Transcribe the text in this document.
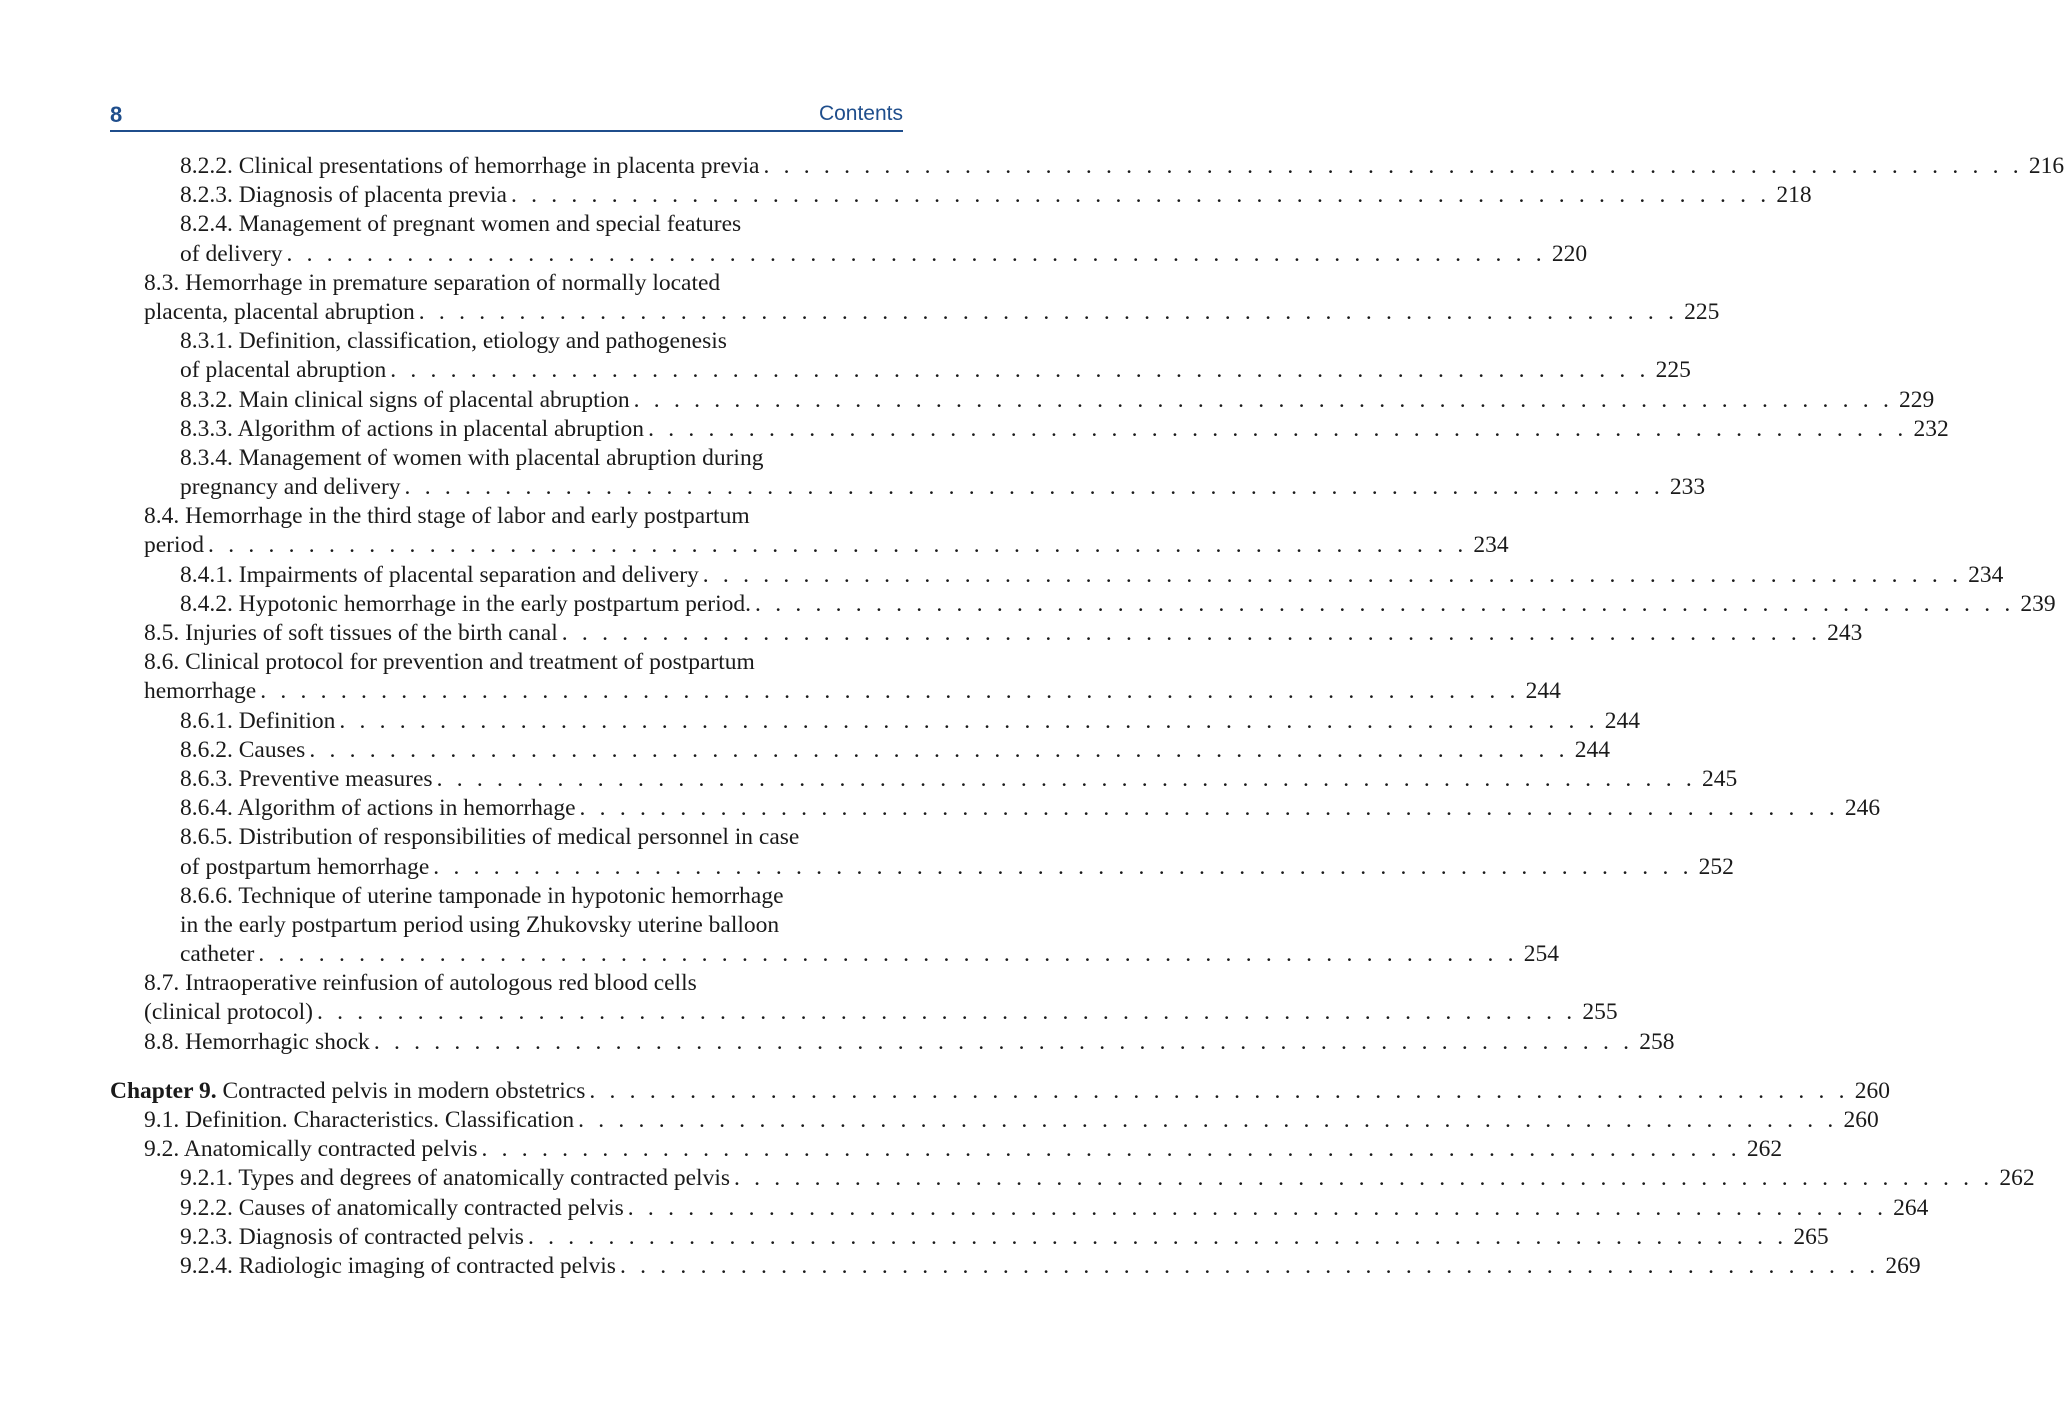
8	Contents
8.2.2. Clinical presentations of hemorrhage in placenta previa . . . . . . . . . . . . . . . . . . . . . . . . . . . . . . . . . . . . . . . . . . . . . . . . . . . . . . . . . . . . . . . 216
8.2.3. Diagnosis of placenta previa . . . . . . . . . . . . . . . . . . . . . . . . . . . . . . . . . . . . . . . . . . . . . . . . . . . . . . . . . . . . . . . 218
8.2.4. Management of pregnant women and special features
of delivery . . . . . . . . . . . . . . . . . . . . . . . . . . . . . . . . . . . . . . . . . . . . . . . . . . . . . . . . . . . . . . . 220
8.3. Hemorrhage in premature separation of normally located
placenta, placental abruption . . . . . . . . . . . . . . . . . . . . . . . . . . . . . . . . . . . . . . . . . . . . . . . . . . . . . . . . . . . . . . . 225
8.3.1. Definition, classification, etiology and pathogenesis
of placental abruption . . . . . . . . . . . . . . . . . . . . . . . . . . . . . . . . . . . . . . . . . . . . . . . . . . . . . . . . . . . . . . . 225
8.3.2. Main clinical signs of placental abruption . . . . . . . . . . . . . . . . . . . . . . . . . . . . . . . . . . . . . . . . . . . . . . . . . . . . . . . . . . . . . . . 229
8.3.3. Algorithm of actions in placental abruption . . . . . . . . . . . . . . . . . . . . . . . . . . . . . . . . . . . . . . . . . . . . . . . . . . . . . . . . . . . . . . . 232
8.3.4. Management of women with placental abruption during
pregnancy and delivery . . . . . . . . . . . . . . . . . . . . . . . . . . . . . . . . . . . . . . . . . . . . . . . . . . . . . . . . . . . . . . . 233
8.4. Hemorrhage in the third stage of labor and early postpartum
period . . . . . . . . . . . . . . . . . . . . . . . . . . . . . . . . . . . . . . . . . . . . . . . . . . . . . . . . . . . . . . . 234
8.4.1. Impairments of placental separation and delivery . . . . . . . . . . . . . . . . . . . . . . . . . . . . . . . . . . . . . . . . . . . . . . . . . . . . . . . . . . . . . . . 234
8.4.2. Hypotonic hemorrhage in the early postpartum period. . . . . . . . . . . . . . . . . . . . . . . . . . . . . . . . . . . . . . . . . . . . . . . . . . . . . . . . . . . . . . . . 239
8.5. Injuries of soft tissues of the birth canal . . . . . . . . . . . . . . . . . . . . . . . . . . . . . . . . . . . . . . . . . . . . . . . . . . . . . . . . . . . . . . . 243
8.6. Clinical protocol for prevention and treatment of postpartum
hemorrhage . . . . . . . . . . . . . . . . . . . . . . . . . . . . . . . . . . . . . . . . . . . . . . . . . . . . . . . . . . . . . . . 244
8.6.1. Definition . . . . . . . . . . . . . . . . . . . . . . . . . . . . . . . . . . . . . . . . . . . . . . . . . . . . . . . . . . . . . . . 244
8.6.2. Causes . . . . . . . . . . . . . . . . . . . . . . . . . . . . . . . . . . . . . . . . . . . . . . . . . . . . . . . . . . . . . . . 244
8.6.3. Preventive measures . . . . . . . . . . . . . . . . . . . . . . . . . . . . . . . . . . . . . . . . . . . . . . . . . . . . . . . . . . . . . . . 245
8.6.4. Algorithm of actions in hemorrhage . . . . . . . . . . . . . . . . . . . . . . . . . . . . . . . . . . . . . . . . . . . . . . . . . . . . . . . . . . . . . . . 246
8.6.5. Distribution of responsibilities of medical personnel in case
of postpartum hemorrhage . . . . . . . . . . . . . . . . . . . . . . . . . . . . . . . . . . . . . . . . . . . . . . . . . . . . . . . . . . . . . . . 252
8.6.6. Technique of uterine tamponade in hypotonic hemorrhage
in the early postpartum period using Zhukovsky uterine balloon
catheter . . . . . . . . . . . . . . . . . . . . . . . . . . . . . . . . . . . . . . . . . . . . . . . . . . . . . . . . . . . . . . . 254
8.7. Intraoperative reinfusion of autologous red blood cells
(clinical protocol) . . . . . . . . . . . . . . . . . . . . . . . . . . . . . . . . . . . . . . . . . . . . . . . . . . . . . . . . . . . . . . . 255
8.8. Hemorrhagic shock . . . . . . . . . . . . . . . . . . . . . . . . . . . . . . . . . . . . . . . . . . . . . . . . . . . . . . . . . . . . . . . 258
Chapter 9. Contracted pelvis in modern obstetrics . . . . . . . . . . . . . . . . . . . . . . . . . . . . . . . . . . . . . . . . . . . . . . . . . . . . . . . . . . . . . . . 260
9.1. Definition. Characteristics. Classification . . . . . . . . . . . . . . . . . . . . . . . . . . . . . . . . . . . . . . . . . . . . . . . . . . . . . . . . . . . . . . . 260
9.2. Anatomically contracted pelvis . . . . . . . . . . . . . . . . . . . . . . . . . . . . . . . . . . . . . . . . . . . . . . . . . . . . . . . . . . . . . . . 262
9.2.1. Types and degrees of anatomically contracted pelvis . . . . . . . . . . . . . . . . . . . . . . . . . . . . . . . . . . . . . . . . . . . . . . . . . . . . . . . . . . . . . . . 262
9.2.2. Causes of anatomically contracted pelvis . . . . . . . . . . . . . . . . . . . . . . . . . . . . . . . . . . . . . . . . . . . . . . . . . . . . . . . . . . . . . . . 264
9.2.3. Diagnosis of contracted pelvis . . . . . . . . . . . . . . . . . . . . . . . . . . . . . . . . . . . . . . . . . . . . . . . . . . . . . . . . . . . . . . . 265
9.2.4. Radiologic imaging of contracted pelvis . . . . . . . . . . . . . . . . . . . . . . . . . . . . . . . . . . . . . . . . . . . . . . . . . . . . . . . . . . . . . . . 269
